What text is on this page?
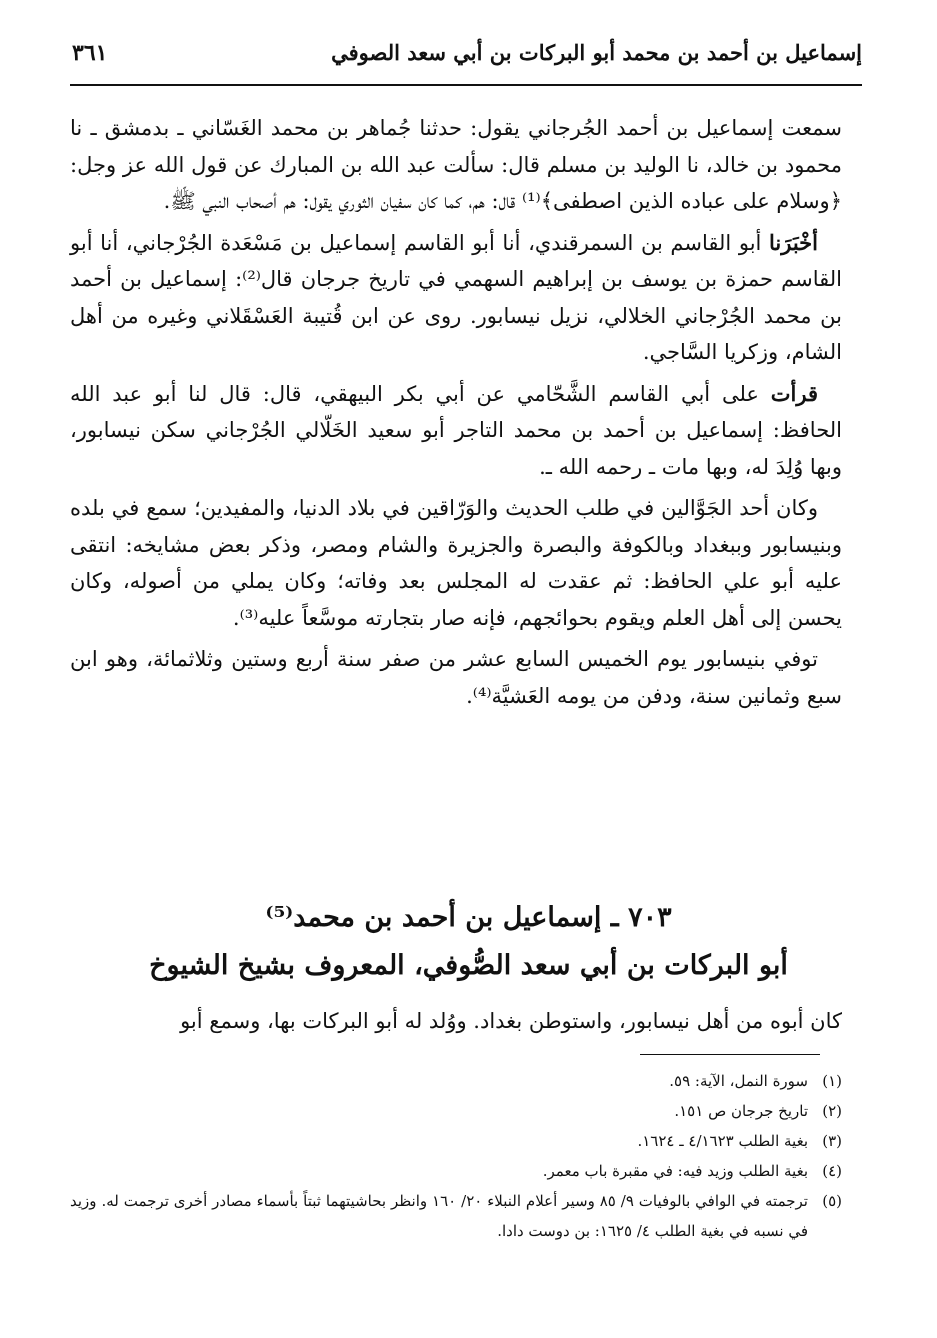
٣٦١	إسماعيل بن أحمد بن محمد أبو البركات بن أبي سعد الصوفي

سمعت إسماعيل بن أحمد الجُرجاني يقول: حدثنا جُماهر بن محمد الغَسّاني ـ بدمشق ـ نا محمود بن خالد، نا الوليد بن مسلم قال: سألت عبد الله بن المبارك عن قول الله عز وجل: ﴿وسلام على عباده الذين اصطفى﴾⁽¹⁾ قال: هم، كما كان سفيان الثوري يقول: هم أصحاب النبي ﷺ.

أخْبَرَنا أبو القاسم بن السمرقندي، أنا أبو القاسم إسماعيل بن مَسْعَدة الجُرْجاني، أنا أبو القاسم حمزة بن يوسف بن إبراهيم السهمي في تاريخ جرجان قال⁽²⁾: إسماعيل بن أحمد بن محمد الجُرْجاني الخلالي، نزيل نيسابور. روى عن ابن قُتيبة العَسْقَلاني وغيره من أهل الشام، وزكريا السَّاجي.

قرأت على أبي القاسم الشَّحّامي عن أبي بكر البيهقي، قال: قال لنا أبو عبد الله الحافظ: إسماعيل بن أحمد بن محمد التاجر أبو سعيد الخَلّالي الجُرْجاني سكن نيسابور، وبها وُلِدَ له، وبها مات ـ رحمه الله ـ.

وكان أحد الجَوَّالين في طلب الحديث والوَرّاقين في بلاد الدنيا، والمفيدين؛ سمع في بلده وبنيسابور وببغداد وبالكوفة والبصرة والجزيرة والشام ومصر، وذكر بعض مشايخه: انتقى عليه أبو علي الحافظ: ثم عقدت له المجلس بعد وفاته؛ وكان يملي من أصوله، وكان يحسن إلى أهل العلم ويقوم بحوائجهم، فإنه صار بتجارته موسَّعاً عليه⁽³⁾.

توفي بنيسابور يوم الخميس السابع عشر من صفر سنة أربع وستين وثلاثمائة، وهو ابن سبع وثمانين سنة، ودفن من يومه العَشيَّة⁽⁴⁾.

٧٠٣ ـ إسماعيل بن أحمد بن محمد⁽⁵⁾
أبو البركات بن أبي سعد الصُّوفي، المعروف بشيخ الشيوخ
كان أبوه من أهل نيسابور، واستوطن بغداد. ووُلد له أبو البركات بها، وسمع أبو
(١)
سورة النمل، الآية: ٥٩.
(٢)
تاريخ جرجان ص ١٥١.
(٣)
بغية الطلب ٤/١٦٢٣ ـ ١٦٢٤.
(٤)
بغية الطلب وزيد فيه: في مقبرة باب معمر.
(٥)
ترجمته في الوافي بالوفيات ٩/ ٨٥ وسير أعلام النبلاء ٢٠/ ١٦٠ وانظر بحاشيتهما ثبتاً بأسماء مصادر أخرى ترجمت له. وزيد في نسبه في بغية الطلب ٤/ ١٦٢٥: بن دوست دادا.
